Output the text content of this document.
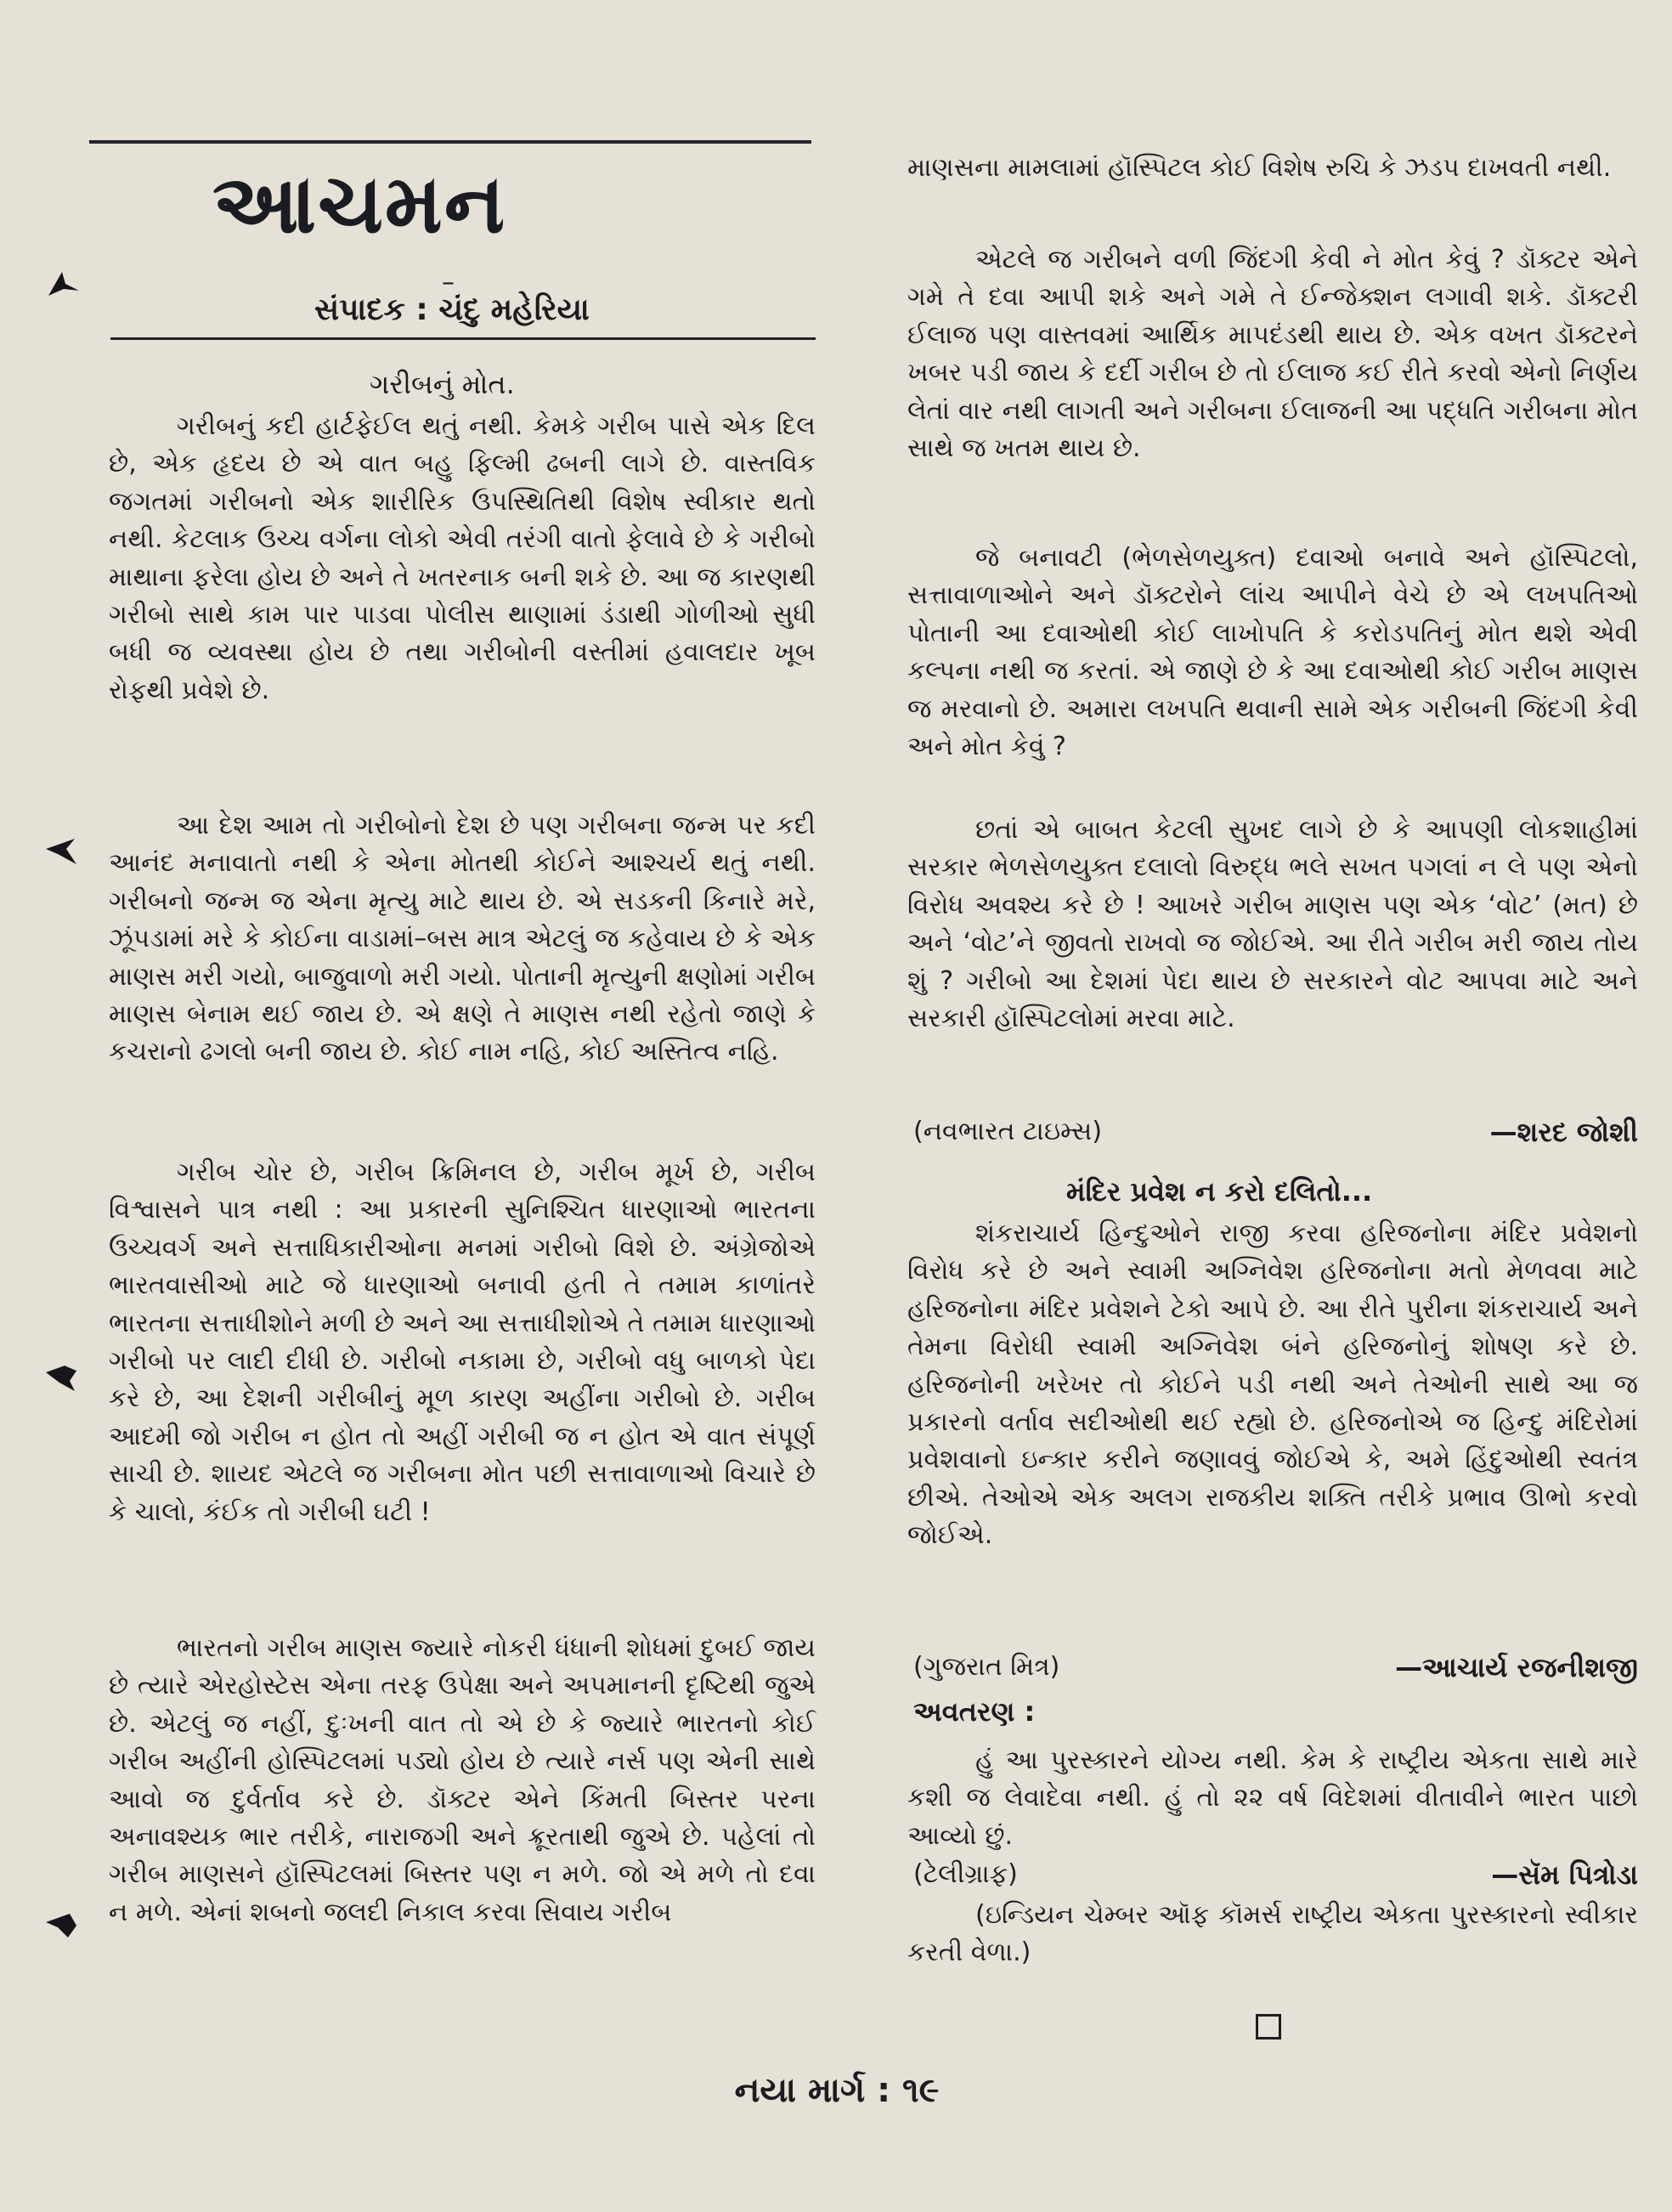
આચમન
–
સંપાદક : ચંદુ મહેરિયા
ગરીબનું મોત.

ગરીબનું કદી હાર્ટફેઈલ થતું નથી. કેમકે ગરીબ પાસે એક દિલ છે, એક હૃદય છે એ વાત બહુ ફિલ્મી ઢબની લાગે છે. વાસ્તવિક જગતમાં ગરીબનો એક શારીરિક ઉપસ્થિતિથી વિશેષ સ્વીકાર થતો નથી. કેટલાક ઉચ્ચ વર્ગના લોકો એવી તરંગી વાતો ફેલાવે છે કે ગરીબો માથાના ફરેલા હોય છે અને તે ખતરનાક બની શકે છે. આ જ કારણથી ગરીબો સાથે કામ પાર પાડવા પોલીસ થાણામાં ડંડાથી ગોળીઓ સુધી બધી જ વ્યવસ્થા હોય છે તથા ગરીબોની વસ્તીમાં હવાલદાર ખૂબ રોફથી પ્રવેશે છે.

આ દેશ આમ તો ગરીબોનો દેશ છે પણ ગરીબના જન્મ પર કદી આનંદ મનાવાતો નથી કે એના મોતથી કોઈને આશ્ચર્ય થતું નથી. ગરીબનો જન્મ જ એના મૃત્યુ માટે થાય છે. એ સડકની કિનારે મરે, ઝૂંપડામાં મરે કે કોઈના વાડામાં–બસ માત્ર એટલું જ કહેવાય છે કે એક માણસ મરી ગયો, બાજુવાળો મરી ગયો. પોતાની મૃત્યુની ક્ષણોમાં ગરીબ માણસ બેનામ થઈ જાય છે. એ ક્ષણે તે માણસ નથી રહેતો જાણે કે કચરાનો ઢગલો બની જાય છે. કોઈ નામ નહિ, કોઈ અસ્તિત્વ નહિ.

ગરીબ ચોર છે, ગરીબ ક્રિમિનલ છે, ગરીબ મૂર્ખ છે, ગરીબ વિશ્વાસને પાત્ર નથી : આ પ્રકારની સુનિશ્ચિત ધારણાઓ ભારતના ઉચ્ચવર્ગ અને સત્તાધિકારીઓના મનમાં ગરીબો વિશે છે. અંગ્રેજોએ ભારતવાસીઓ માટે જે ધારણાઓ બનાવી હતી તે તમામ કાળાંતરે ભારતના સત્તાધીશોને મળી છે અને આ સત્તાધીશોએ તે તમામ ધારણાઓ ગરીબો પર લાદી દીધી છે. ગરીબો નકામા છે, ગરીબો વધુ બાળકો પેદા કરે છે, આ દેશની ગરીબીનું મૂળ કારણ અહીંના ગરીબો છે. ગરીબ આદમી જો ગરીબ ન હોત તો અહીં ગરીબી જ ન હોત એ વાત સંપૂર્ણ સાચી છે. શાયદ એટલે જ ગરીબના મોત પછી સત્તાવાળાઓ વિચારે છે કે ચાલો, કંઈક તો ગરીબી ઘટી !

ભારતનો ગરીબ માણસ જ્યારે નોકરી ધંધાની શોધમાં દુબઈ જાય છે ત્યારે એરહોસ્ટેસ એના તરફ ઉપેક્ષા અને અપમાનની દૃષ્ટિથી જુએ છે. એટલું જ નહીં, દુઃખની વાત તો એ છે કે જ્યારે ભારતનો કોઈ ગરીબ અહીંની હોસ્પિટલમાં પડ્યો હોય છે ત્યારે નર્સ પણ એની સાથે આવો જ દુર્વર્તાવ કરે છે. ડૉક્ટર એને કિંમતી બિસ્તર પરના અનાવશ્યક ભાર તરીકે, નારાજગી અને ક્રૂરતાથી જુએ છે. પહેલાં તો ગરીબ માણસને હૉસ્પિટલમાં બિસ્તર પણ ન મળે. જો એ મળે તો દવા ન મળે. એનાં શબનો જલદી નિકાલ કરવા સિવાય ગરીબ

માણસના મામલામાં હૉસ્પિટલ કોઈ વિશેષ રુચિ કે ઝડપ દાખવતી નથી.

એટલે જ ગરીબને વળી જિંદગી કેવી ને મોત કેવું ? ડૉક્ટર એને ગમે તે દવા આપી શકે અને ગમે તે ઈન્જેક્શન લગાવી શકે. ડૉક્ટરી ઈલાજ પણ વાસ્તવમાં આર્થિક માપદંડથી થાય છે. એક વખત ડૉક્ટરને ખબર પડી જાય કે દર્દી ગરીબ છે તો ઈલાજ કઈ રીતે કરવો એનો નિર્ણય લેતાં વાર નથી લાગતી અને ગરીબના ઈલાજની આ પદ્ધતિ ગરીબના મોત સાથે જ ખતમ થાય છે.

જે બનાવટી (ભેળસેળયુક્ત) દવાઓ બનાવે અને હૉસ્પિટલો, સત્તાવાળાઓને અને ડૉક્ટરોને લાંચ આપીને વેચે છે એ લખપતિઓ પોતાની આ દવાઓથી કોઈ લાખોપતિ કે કરોડપતિનું મોત થશે એવી કલ્પના નથી જ કરતાં. એ જાણે છે કે આ દવાઓથી કોઈ ગરીબ માણસ જ મરવાનો છે. અમારા લખપતિ થવાની સામે એક ગરીબની જિંદગી કેવી અને મોત કેવું ?

છતાં એ બાબત કેટલી સુખદ લાગે છે કે આપણી લોકશાહીમાં સરકાર ભેળસેળયુક્ત દલાલો વિરુદ્ધ ભલે સખત પગલાં ન લે પણ એનો વિરોધ અવશ્ય કરે છે ! આખરે ગરીબ માણસ પણ એક ‘વોટ’ (મત) છે અને ‘વોટ’ને જીવતો રાખવો જ જોઈએ. આ રીતે ગરીબ મરી જાય તોય શું ? ગરીબો આ દેશમાં પેદા થાય છે સરકારને વોટ આપવા માટે અને સરકારી હૉસ્પિટલોમાં મરવા માટે.

(નવભારત ટાઇમ્સ)	—શરદ જોશી
મંદિર પ્રવેશ ન કરો દલિતો...

શંકરાચાર્ય હિન્દુઓને રાજી કરવા હરિજનોના મંદિર પ્રવેશનો વિરોધ કરે છે અને સ્વામી અગ્નિવેશ હરિજનોના મતો મેળવવા માટે હરિજનોના મંદિર પ્રવેશને ટેકો આપે છે. આ રીતે પુરીના શંકરાચાર્ય અને તેમના વિરોધી સ્વામી અગ્નિવેશ બંને હરિજનોનું શોષણ કરે છે. હરિજનોની ખરેખર તો કોઈને પડી નથી અને તેઓની સાથે આ જ પ્રકારનો વર્તાવ સદીઓથી થઈ રહ્યો છે. હરિજનોએ જ હિન્દુ મંદિરોમાં પ્રવેશવાનો ઇન્કાર કરીને જણાવવું જોઈએ કે, અમે હિંદુઓથી સ્વતંત્ર છીએ. તેઓએ એક અલગ રાજકીય શક્તિ તરીકે પ્રભાવ ઊભો કરવો જોઈએ.

(ગુજરાત મિત્ર)	—આચાર્ય રજનીશજી
અવતરણ :

હું આ પુરસ્કારને યોગ્ય નથી. કેમ કે રાષ્ટ્રીય એકતા સાથે મારે કશી જ લેવાદેવા નથી. હું તો ૨૨ વર્ષ વિદેશમાં વીતાવીને ભારત પાછો આવ્યો છું.

(ટેલીગ્રાફ)	—સૅમ પિત્રોડા

(ઇન્ડિયન ચેમ્બર ઑફ કૉમર્સ રાષ્ટ્રીય એકતા પુરસ્કારનો સ્વીકાર કરતી વેળા.)

નયા માર્ગ : ૧૯
